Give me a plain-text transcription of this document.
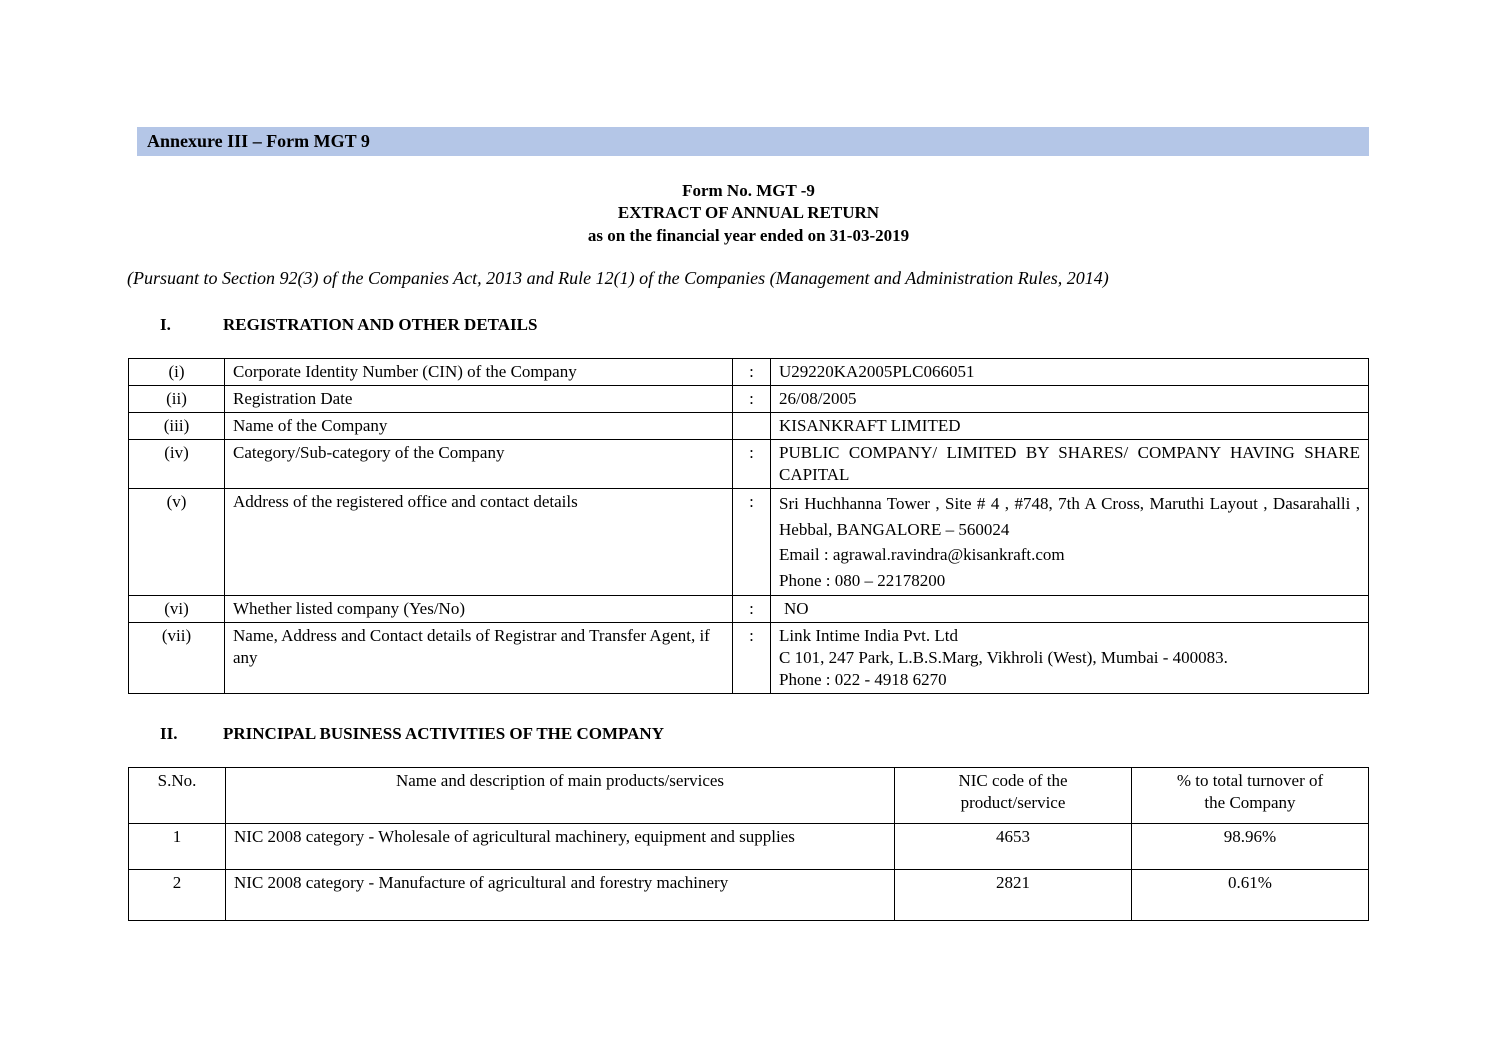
Annexure III – Form MGT 9
Form No. MGT -9
EXTRACT OF ANNUAL RETURN
as on the financial year ended on 31-03-2019
(Pursuant to Section 92(3) of the Companies Act, 2013 and Rule 12(1) of the Companies (Management and Administration Rules, 2014)
I.	REGISTRATION AND OTHER DETAILS
(i)	Corporate Identity Number (CIN) of the Company	:	U29220KA2005PLC066051
(ii)	Registration Date	:	26/08/2005
(iii)	Name of the Company		KISANKRAFT LIMITED
(iv)	Category/Sub-category of the Company	:	PUBLIC COMPANY/ LIMITED BY SHARES/ COMPANY HAVING SHARE CAPITAL
(v)	Address of the registered office and contact details	:	Sri Huchhanna Tower , Site # 4 , #748, 7th A Cross, Maruthi Layout , Dasarahalli , Hebbal, BANGALORE – 560024
Email : agrawal.ravindra@kisankraft.com
Phone : 080 – 22178200

(vi)	Whether listed company (Yes/No)	:	NO
(vii)	Name, Address and Contact details of Registrar and Transfer Agent, if any	:	Link Intime India Pvt. Ltd
C 101, 247 Park, L.B.S.Marg, Vikhroli (West), Mumbai - 400083.
Phone : 022 - 4918 6270
II.	PRINCIPAL BUSINESS ACTIVITIES OF THE COMPANY
S.No.	Name and description of main products/services	NIC code of the product/service	% to total turnover of the Company
1	NIC 2008 category - Wholesale of agricultural machinery, equipment and supplies	4653	98.96%
2	NIC 2008 category - Manufacture of agricultural and forestry machinery	2821	0.61%
